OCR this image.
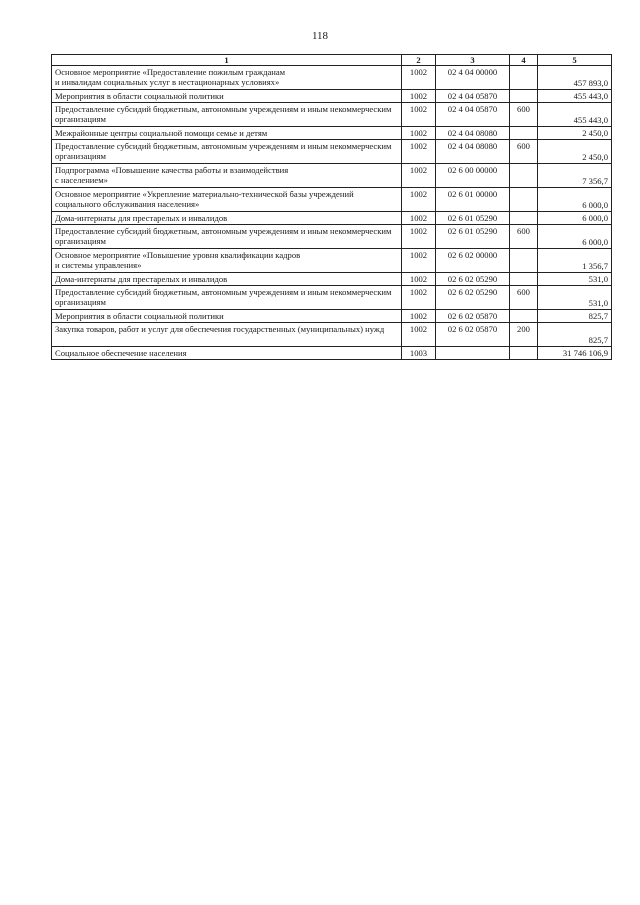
118
1	2	3	4	5
Основное мероприятие «Предоставление пожилым гражданам
и инвалидам социальных услуг в нестационарных условиях»	1002	02 4 04 00000		457 893,0
Мероприятия в области социальной политики	1002	02 4 04 05870		455 443,0
Предоставление субсидий бюджетным, автономным учреждениям и иным некоммерческим организациям	1002	02 4 04 05870	600	455 443,0
Межрайонные центры социальной помощи семье и детям	1002	02 4 04 08080		2 450,0
Предоставление субсидий бюджетным, автономным учреждениям и иным некоммерческим организациям	1002	02 4 04 08080	600	2 450,0
Подпрограмма «Повышение качества работы и взаимодействия
с населением»	1002	02 6 00 00000		7 356,7
Основное мероприятие «Укрепление материально-технической базы учреждений социального обслуживания населения»	1002	02 6 01 00000		6 000,0
Дома-интернаты для престарелых и инвалидов	1002	02 6 01 05290		6 000,0
Предоставление субсидий бюджетным, автономным учреждениям и иным некоммерческим организациям	1002	02 6 01 05290	600	6 000,0
Основное мероприятие «Повышение уровня квалификации кадров
и системы управления»	1002	02 6 02 00000		1 356,7
Дома-интернаты для престарелых и инвалидов	1002	02 6 02 05290		531,0
Предоставление субсидий бюджетным, автономным учреждениям и иным некоммерческим организациям	1002	02 6 02 05290	600	531,0
Мероприятия в области социальной политики	1002	02 6 02 05870		825,7
Закупка товаров, работ и услуг для обеспечения государственных (муниципальных) нужд	1002	02 6 02 05870	200	825,7
Социальное обеспечение населения	1003			31 746 106,9
